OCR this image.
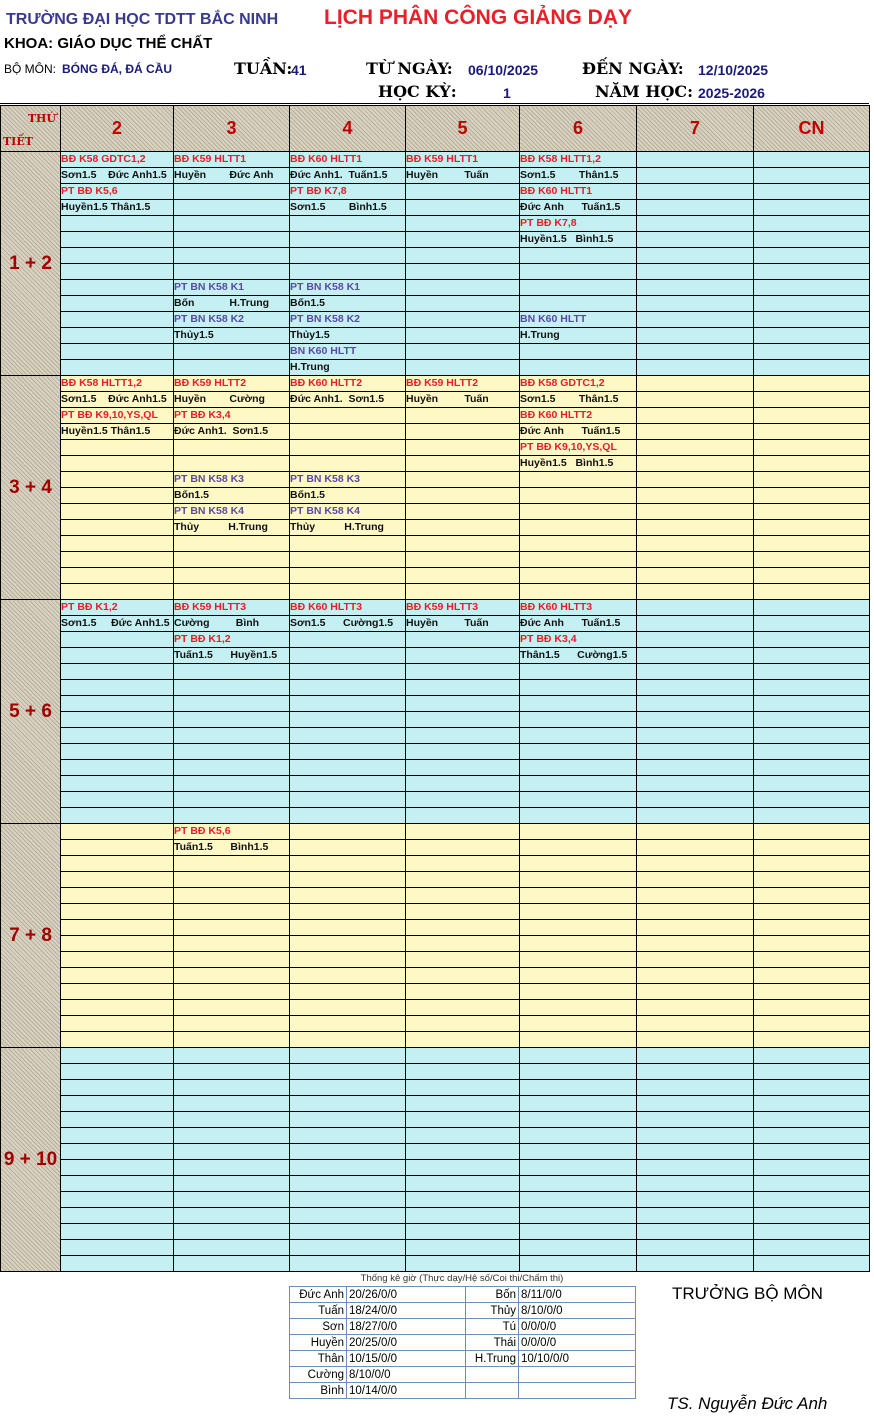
TRƯỜNG ĐẠI HỌC TDTT BẮC NINH LỊCH PHÂN CÔNG GIẢNG DẠY
KHOA: GIÁO DỤC THỂ CHẤT
BỘ MÔN: BÓNG ĐÁ, ĐÁ CẦU	TUẦN:
41	TỪ NGÀY: 06/10/2025	ĐẾN NGÀY: 12/10/2025
HỌC KỲ:	1	NĂM HỌC: 2025-2026
THỨ
TIẾT	2	3	4	5	6	7	CN
1 + 2	BĐ K58 GDTC1,2	BĐ K59 HLTT1	BĐ K60 HLTT1	BĐ K59 HLTT1	BĐ K58 HLTT1,2		
	Sơn1.5    Đức Anh1.5	Huyền        Đức Anh	Đức Anh1.  Tuấn1.5	Huyền         Tuấn	Sơn1.5        Thân1.5		
	PT BĐ K5,6		PT BĐ K7,8		BĐ K60 HLTT1		
	Huyền1.5 Thân1.5		Sơn1.5        Bình1.5		Đức Anh      Tuấn1.5		
					PT BĐ K7,8		
					Huyền1.5   Bình1.5		

		PT BN K58 K1	PT BN K58 K1				
		Bốn            H.Trung	Bốn1.5				
		PT BN K58 K2	PT BN K58 K2		BN K60 HLTT		
		Thủy1.5	Thủy1.5		H.Trung		
			BN K60 HLTT				
			H.Trung				
3 + 4	BĐ K58 HLTT1,2	BĐ K59 HLTT2	BĐ K60 HLTT2	BĐ K59 HLTT2	BĐ K58 GDTC1,2		
	Sơn1.5    Đức Anh1.5	Huyền        Cường	Đức Anh1.  Sơn1.5	Huyền         Tuấn	Sơn1.5        Thân1.5		
	PT BĐ K9,10,YS,QL	PT BĐ K3,4			BĐ K60 HLTT2		
	Huyền1.5 Thân1.5	Đức Anh1.  Sơn1.5			Đức Anh      Tuấn1.5		
					PT BĐ K9,10,YS,QL		
					Huyền1.5   Bình1.5		
		PT BN K58 K3	PT BN K58 K3				
		Bốn1.5	Bốn1.5				
		PT BN K58 K4	PT BN K58 K4				
		Thủy          H.Trung	Thủy          H.Trung				

5 + 6	PT BĐ K1,2	BĐ K59 HLTT3	BĐ K60 HLTT3	BĐ K59 HLTT3	BĐ K60 HLTT3		
	Sơn1.5     Đức Anh1.5	Cường         Bình	Sơn1.5      Cường1.5	Huyền         Tuấn	Đức Anh      Tuấn1.5		
		PT BĐ K1,2			PT BĐ K3,4		
		Tuấn1.5      Huyền1.5			Thân1.5      Cường1.5		

7 + 8		PT BĐ K5,6					
		Tuấn1.5      Bình1.5					

9 + 10							

Thống kê giờ (Thực dạy/Hệ số/Coi thi/Chấm thi)
Đức Anh	20/26/0/0	Bốn	8/11/0/0
Tuấn	18/24/0/0	Thủy	8/10/0/0
Sơn	18/27/0/0	Tú	0/0/0/0
Huyền	20/25/0/0	Thái	0/0/0/0
Thân	10/15/0/0	H.Trung	10/10/0/0
Cường	8/10/0/0		
Bình	10/14/0/0		
TRƯỞNG BỘ MÔN
TS. Nguyễn Đức Anh
